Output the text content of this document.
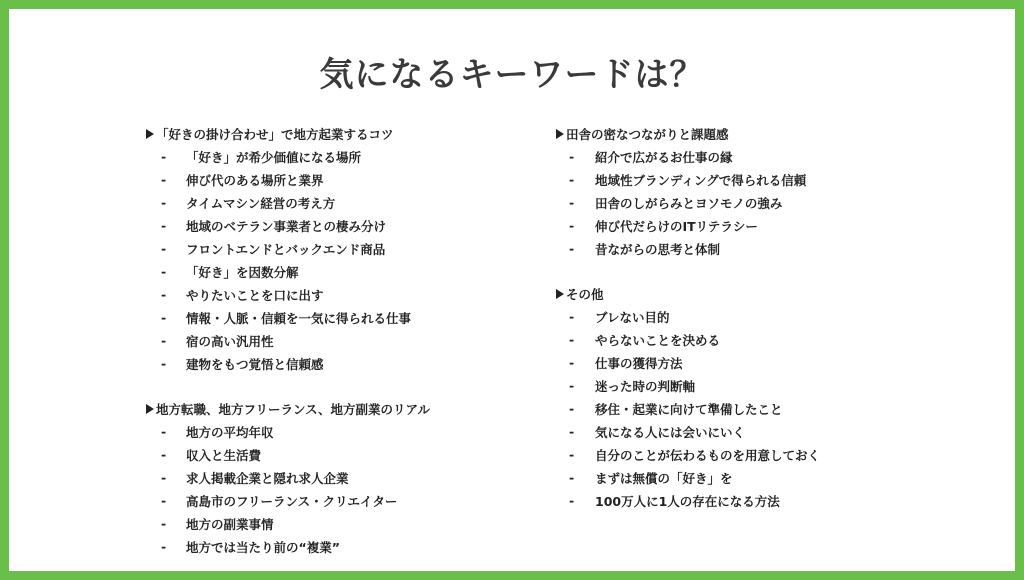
気になるキーワードは？
「好きの掛け合わせ」で地方起業するコツ
-	「好き」が希少価値になる場所
-	伸び代のある場所と業界
-	タイムマシン経営の考え方
-	地域のベテラン事業者との棲み分け
-	フロントエンドとバックエンド商品
-	「好き」を因数分解
-	やりたいことを口に出す
-	情報・人脈・信頼を一気に得られる仕事
-	宿の高い汎用性
-	建物をもつ覚悟と信頼感
地方転職、地方フリーランス、地方副業のリアル
-	地方の平均年収
-	収入と生活費
-	求人掲載企業と隠れ求人企業
-	高島市のフリーランス・クリエイター
-	地方の副業事情
-	地方では当たり前の“複業”
田舎の密なつながりと課題感
-	紹介で広がるお仕事の縁
-	地域性ブランディングで得られる信頼
-	田舎のしがらみとヨソモノの強み
-	伸び代だらけのITリテラシー
-	昔ながらの思考と体制
その他
-	ブレない目的
-	やらないことを決める
-	仕事の獲得方法
-	迷った時の判断軸
-	移住・起業に向けて準備したこと
-	気になる人には会いにいく
-	自分のことが伝わるものを用意しておく
-	まずは無償の「好き」を
-	100万人に1人の存在になる方法
